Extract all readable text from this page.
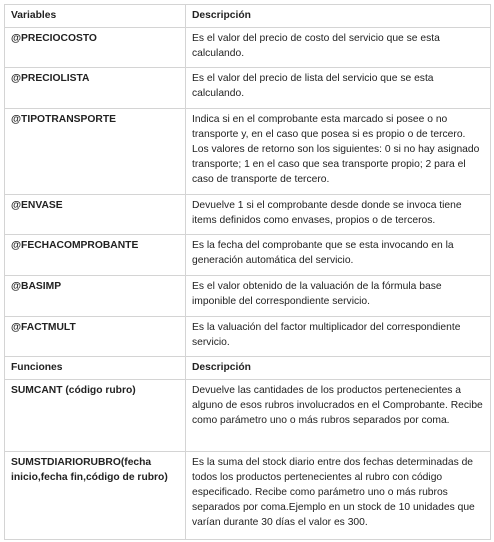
Variables	Descripción
@PRECIOCOSTO	Es el valor del precio de costo del servicio que se esta calculando.
@PRECIOLISTA	Es el valor del precio de lista del servicio que se esta calculando.
@TIPOTRANSPORTE	Indica si en el comprobante esta marcado si posee o no transporte y, en el caso que posea si es propio o de tercero. Los valores de retorno son los siguientes: 0 si no hay asignado transporte; 1 en el caso que sea transporte propio; 2 para el caso de transporte de tercero.
@ENVASE	Devuelve 1 si el comprobante desde donde se invoca tiene items definidos como envases, propios o de terceros.
@FECHACOMPROBANTE	Es la fecha del comprobante que se esta invocando en la generación automática del servicio.
@BASIMP	Es el valor obtenido de la valuación de la fórmula base imponible del correspondiente servicio.
@FACTMULT	Es la valuación del factor multiplicador del correspondiente servicio.
Funciones	Descripción
SUMCANT (código rubro)	Devuelve las cantidades de los productos pertenecientes a alguno de esos rubros involucrados en el Comprobante. Recibe como parámetro uno o más rubros separados por coma.
SUMSTDIARIORUBRO(fecha inicio,fecha fin,código de rubro)	Es la suma del stock diario entre dos fechas determinadas de todos los productos pertenecientes al rubro con código especificado. Recibe como parámetro uno o más rubros separados por coma.Ejemplo en un stock de 10 unidades que varían durante 30 días el valor es 300.
